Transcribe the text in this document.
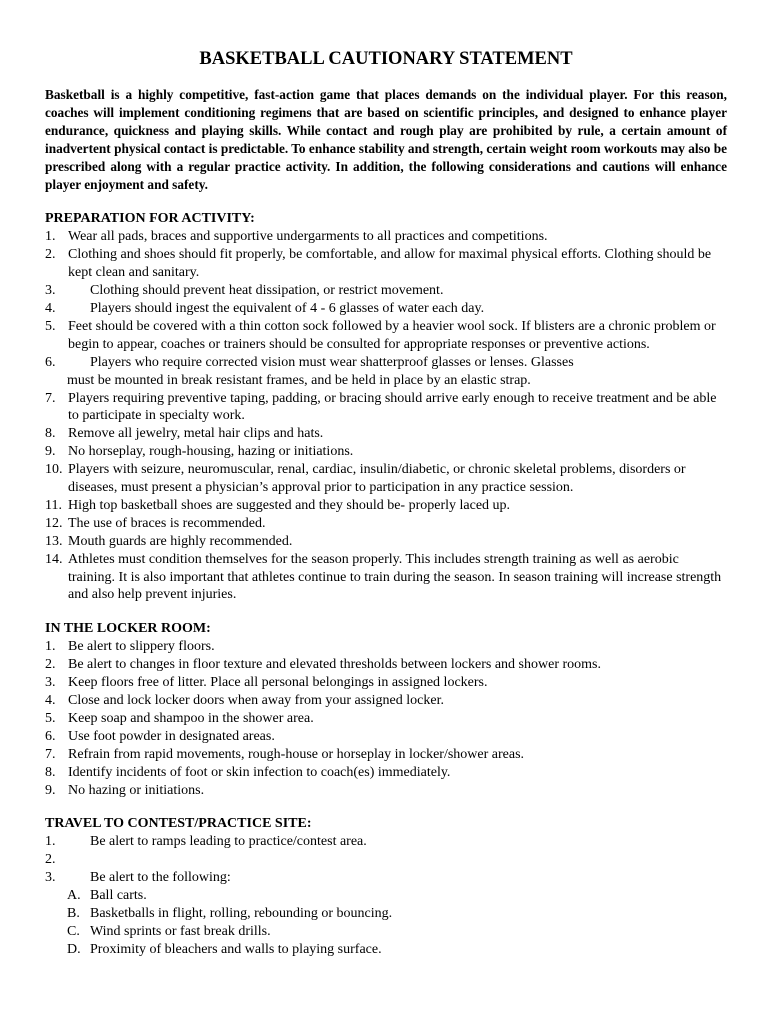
BASKETBALL CAUTIONARY STATEMENT

Basketball is a highly competitive, fast-action game that places demands on the individual player. For this reason, coaches will implement conditioning regimens that are based on scientific principles, and designed to enhance player endurance, quickness and playing skills. While contact and rough play are prohibited by rule, a certain amount of inadvertent physical contact is predictable. To enhance stability and strength, certain weight room workouts may also be prescribed along with a regular practice activity. In addition, the following considerations and cautions will enhance player enjoyment and safety.

PREPARATION FOR ACTIVITY:
1. Wear all pads, braces and supportive undergarments to all practices and competitions.
2. Clothing and shoes should fit properly, be comfortable, and allow for maximal physical efforts. Clothing should be kept clean and sanitary.
3. Clothing should prevent heat dissipation, or restrict movement.
4. Players should ingest the equivalent of 4 - 6 glasses of water each day.
5. Feet should be covered with a thin cotton sock followed by a heavier wool sock. If blisters are a chronic problem or begin to appear, coaches or trainers should be consulted for appropriate responses or preventive actions.
6. Players who require corrected vision must wear shatterproof glasses or lenses. Glasses
must be mounted in break resistant frames, and be held in place by an elastic strap.
7. Players requiring preventive taping, padding, or bracing should arrive early enough to receive treatment and be able to participate in specialty work.
8. Remove all jewelry, metal hair clips and hats.
9. No horseplay, rough-housing, hazing or initiations.
10. Players with seizure, neuromuscular, renal, cardiac, insulin/diabetic, or chronic skeletal problems, disorders or diseases, must present a physician’s approval prior to participation in any practice session.
11. High top basketball shoes are suggested and they should be- properly laced up.
12. The use of braces is recommended.
13. Mouth guards are highly recommended.
14. Athletes must condition themselves for the season properly. This includes strength training as well as aerobic training. It is also important that athletes continue to train during the season. In season training will increase strength and also help prevent injuries.
IN THE LOCKER ROOM:
1. Be alert to slippery floors.
2. Be alert to changes in floor texture and elevated thresholds between lockers and shower rooms.
3. Keep floors free of litter. Place all personal belongings in assigned lockers.
4. Close and lock locker doors when away from your assigned locker.
5. Keep soap and shampoo in the shower area.
6. Use foot powder in designated areas.
7. Refrain from rapid movements, rough-house or horseplay in locker/shower areas.
8. Identify incidents of foot or skin infection to coach(es) immediately.
9. No hazing or initiations.
TRAVEL TO CONTEST/PRACTICE SITE:
1. Be alert to ramps leading to practice/contest area.
2.
3. Be alert to the following:
A. Ball carts.
B. Basketballs in flight, rolling, rebounding or bouncing.
C. Wind sprints or fast break drills.
D. Proximity of bleachers and walls to playing surface.
